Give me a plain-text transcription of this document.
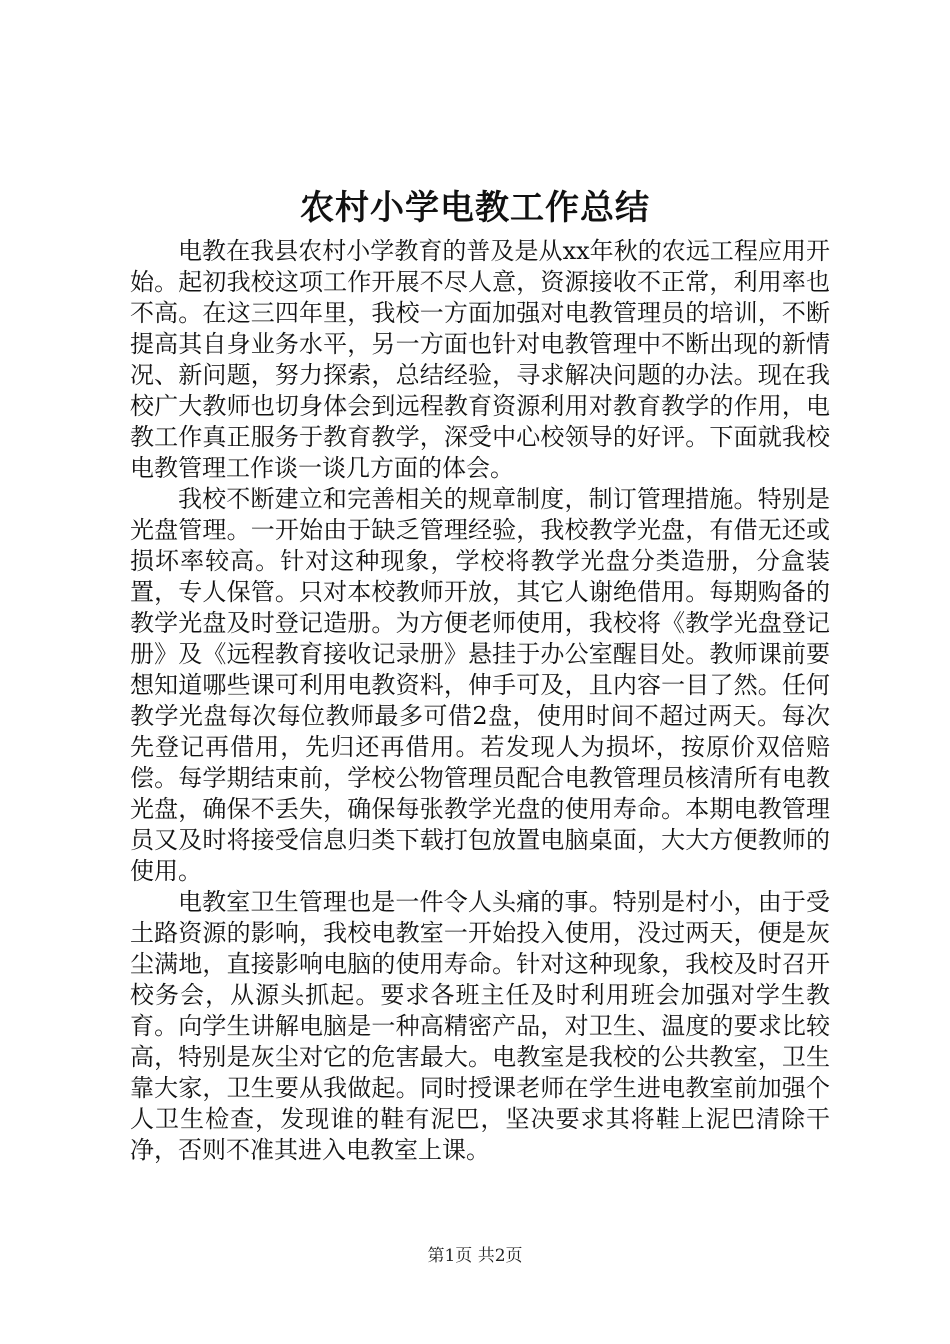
农村小学电教工作总结

电教在我县农村小学教育的普及是从xx年秋的农远工程应用开始。起初我校这项工作开展不尽人意，资源接收不正常，利用率也不高。在这三四年里，我校一方面加强对电教管理员的培训，不断提高其自身业务水平，另一方面也针对电教管理中不断出现的新情况、新问题，努力探索，总结经验，寻求解决问题的办法。现在我校广大教师也切身体会到远程教育资源利用对教育教学的作用，电教工作真正服务于教育教学，深受中心校领导的好评。下面就我校电教管理工作谈一谈几方面的体会。

我校不断建立和完善相关的规章制度，制订管理措施。特别是光盘管理。一开始由于缺乏管理经验，我校教学光盘，有借无还或损坏率较高。针对这种现象，学校将教学光盘分类造册，分盒装置，专人保管。只对本校教师开放，其它人谢绝借用。每期购备的教学光盘及时登记造册。为方便老师使用，我校将《教学光盘登记册》及《远程教育接收记录册》悬挂于办公室醒目处。教师课前要想知道哪些课可利用电教资料，伸手可及，且内容一目了然。任何教学光盘每次每位教师最多可借2盘，使用时间不超过两天。每次先登记再借用，先归还再借用。若发现人为损坏，按原价双倍赔偿。每学期结束前，学校公物管理员配合电教管理员核清所有电教光盘，确保不丢失，确保每张教学光盘的使用寿命。本期电教管理员又及时将接受信息归类下载打包放置电脑桌面，大大方便教师的使用。

电教室卫生管理也是一件令人头痛的事。特别是村小，由于受土路资源的影响，我校电教室一开始投入使用，没过两天，便是灰尘满地，直接影响电脑的使用寿命。针对这种现象，我校及时召开校务会，从源头抓起。要求各班主任及时利用班会加强对学生教育。向学生讲解电脑是一种高精密产品，对卫生、温度的要求比较高，特别是灰尘对它的危害最大。电教室是我校的公共教室，卫生靠大家，卫生要从我做起。同时授课老师在学生进电教室前加强个人卫生检查，发现谁的鞋有泥巴，坚决要求其将鞋上泥巴清除干净，否则不准其进入电教室上课。

第1页 共2页
